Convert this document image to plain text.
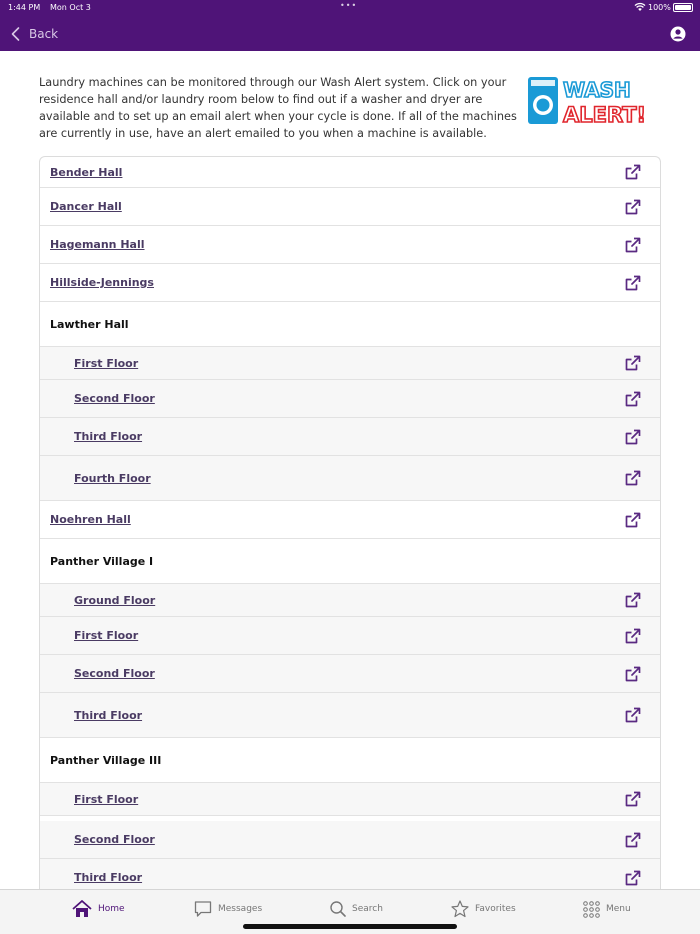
1:44 PM Mon Oct 3	•••	100%
Back

Laundry machines can be monitored through our Wash Alert system. Click on your residence hall and/or laundry room below to find out if a washer and dryer are available and to set up an email alert when your cycle is done. If all of the machines are currently in use, have an alert emailed to you when a machine is available.

WASH
ALERT!
Bender Hall
Dancer Hall
Hagemann Hall
Hillside-Jennings
Lawther Hall
First Floor
Second Floor
Third Floor
Fourth Floor
Noehren Hall
Panther Village I
Ground Floor
First Floor
Second Floor
Third Floor
Panther Village III
First Floor
Second Floor
Third Floor
Home	Messages	Search	Favorites	Menu
